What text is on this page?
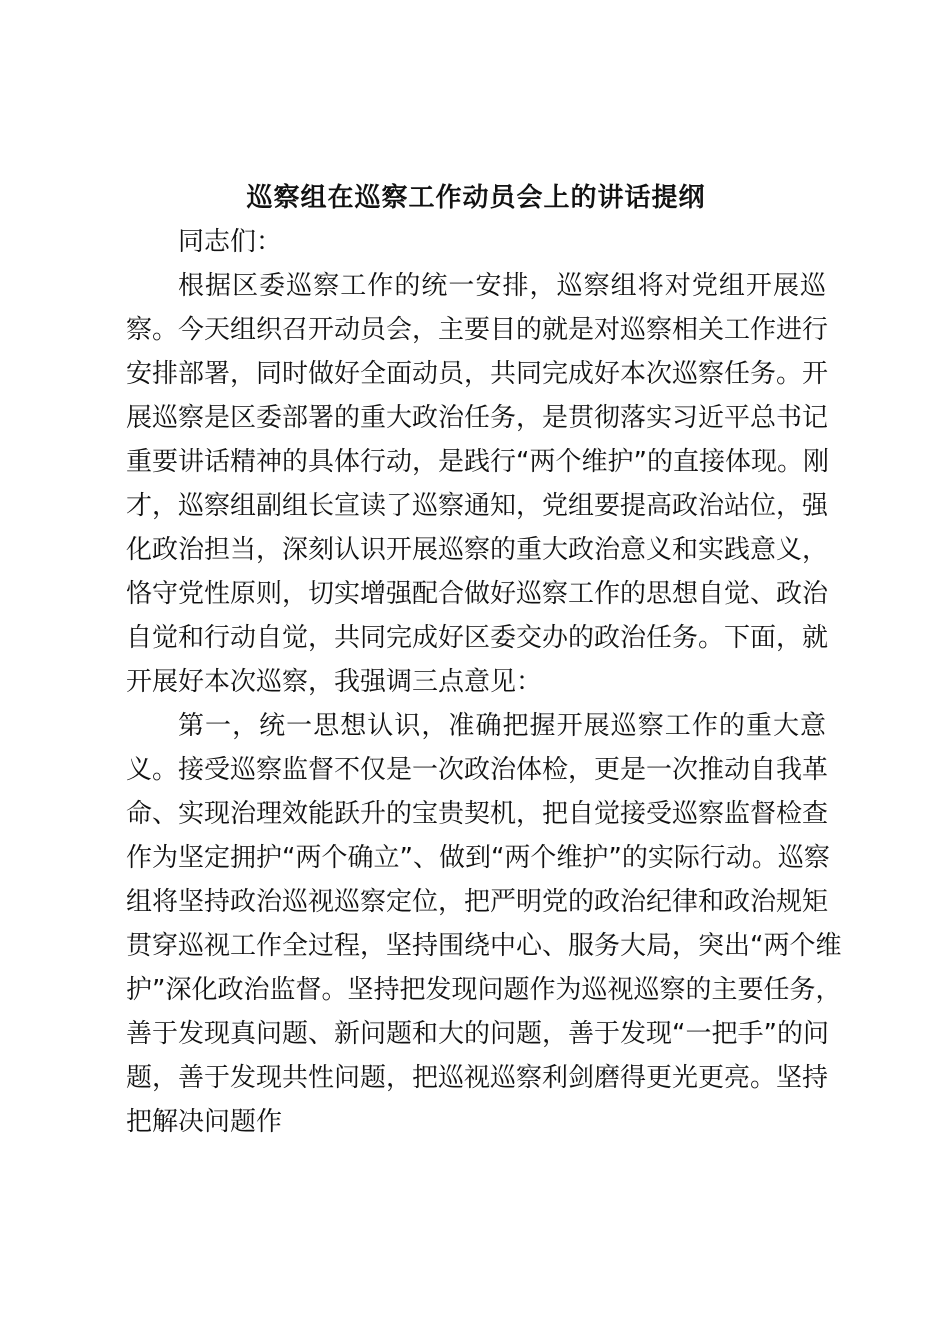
巡察组在巡察工作动员会上的讲话提纲

同志们：

根据区委巡察工作的统一安排，巡察组将对党组开展巡
察。今天组织召开动员会，主要目的就是对巡察相关工作进行
安排部署，同时做好全面动员，共同完成好本次巡察任务。开
展巡察是区委部署的重大政治任务，是贯彻落实习近平总书记
重要讲话精神的具体行动，是践行“两个维护”的直接体现。刚
才，巡察组副组长宣读了巡察通知，党组要提高政治站位，强
化政治担当，深刻认识开展巡察的重大政治意义和实践意义，
恪守党性原则，切实增强配合做好巡察工作的思想自觉、政治
自觉和行动自觉，共同完成好区委交办的政治任务。下面，就
开展好本次巡察，我强调三点意见：

第一，统一思想认识，准确把握开展巡察工作的重大意
义。接受巡察监督不仅是一次政治体检，更是一次推动自我革
命、实现治理效能跃升的宝贵契机，把自觉接受巡察监督检查
作为坚定拥护“两个确立”、做到“两个维护”的实际行动。巡察
组将坚持政治巡视巡察定位，把严明党的政治纪律和政治规矩
贯穿巡视工作全过程，坚持围绕中心、服务大局，突出“两个维
护”深化政治监督。坚持把发现问题作为巡视巡察的主要任务，
善于发现真问题、新问题和大的问题，善于发现“一把手”的问
题，善于发现共性问题，把巡视巡察利剑磨得更光更亮。坚持
把解决问题作
